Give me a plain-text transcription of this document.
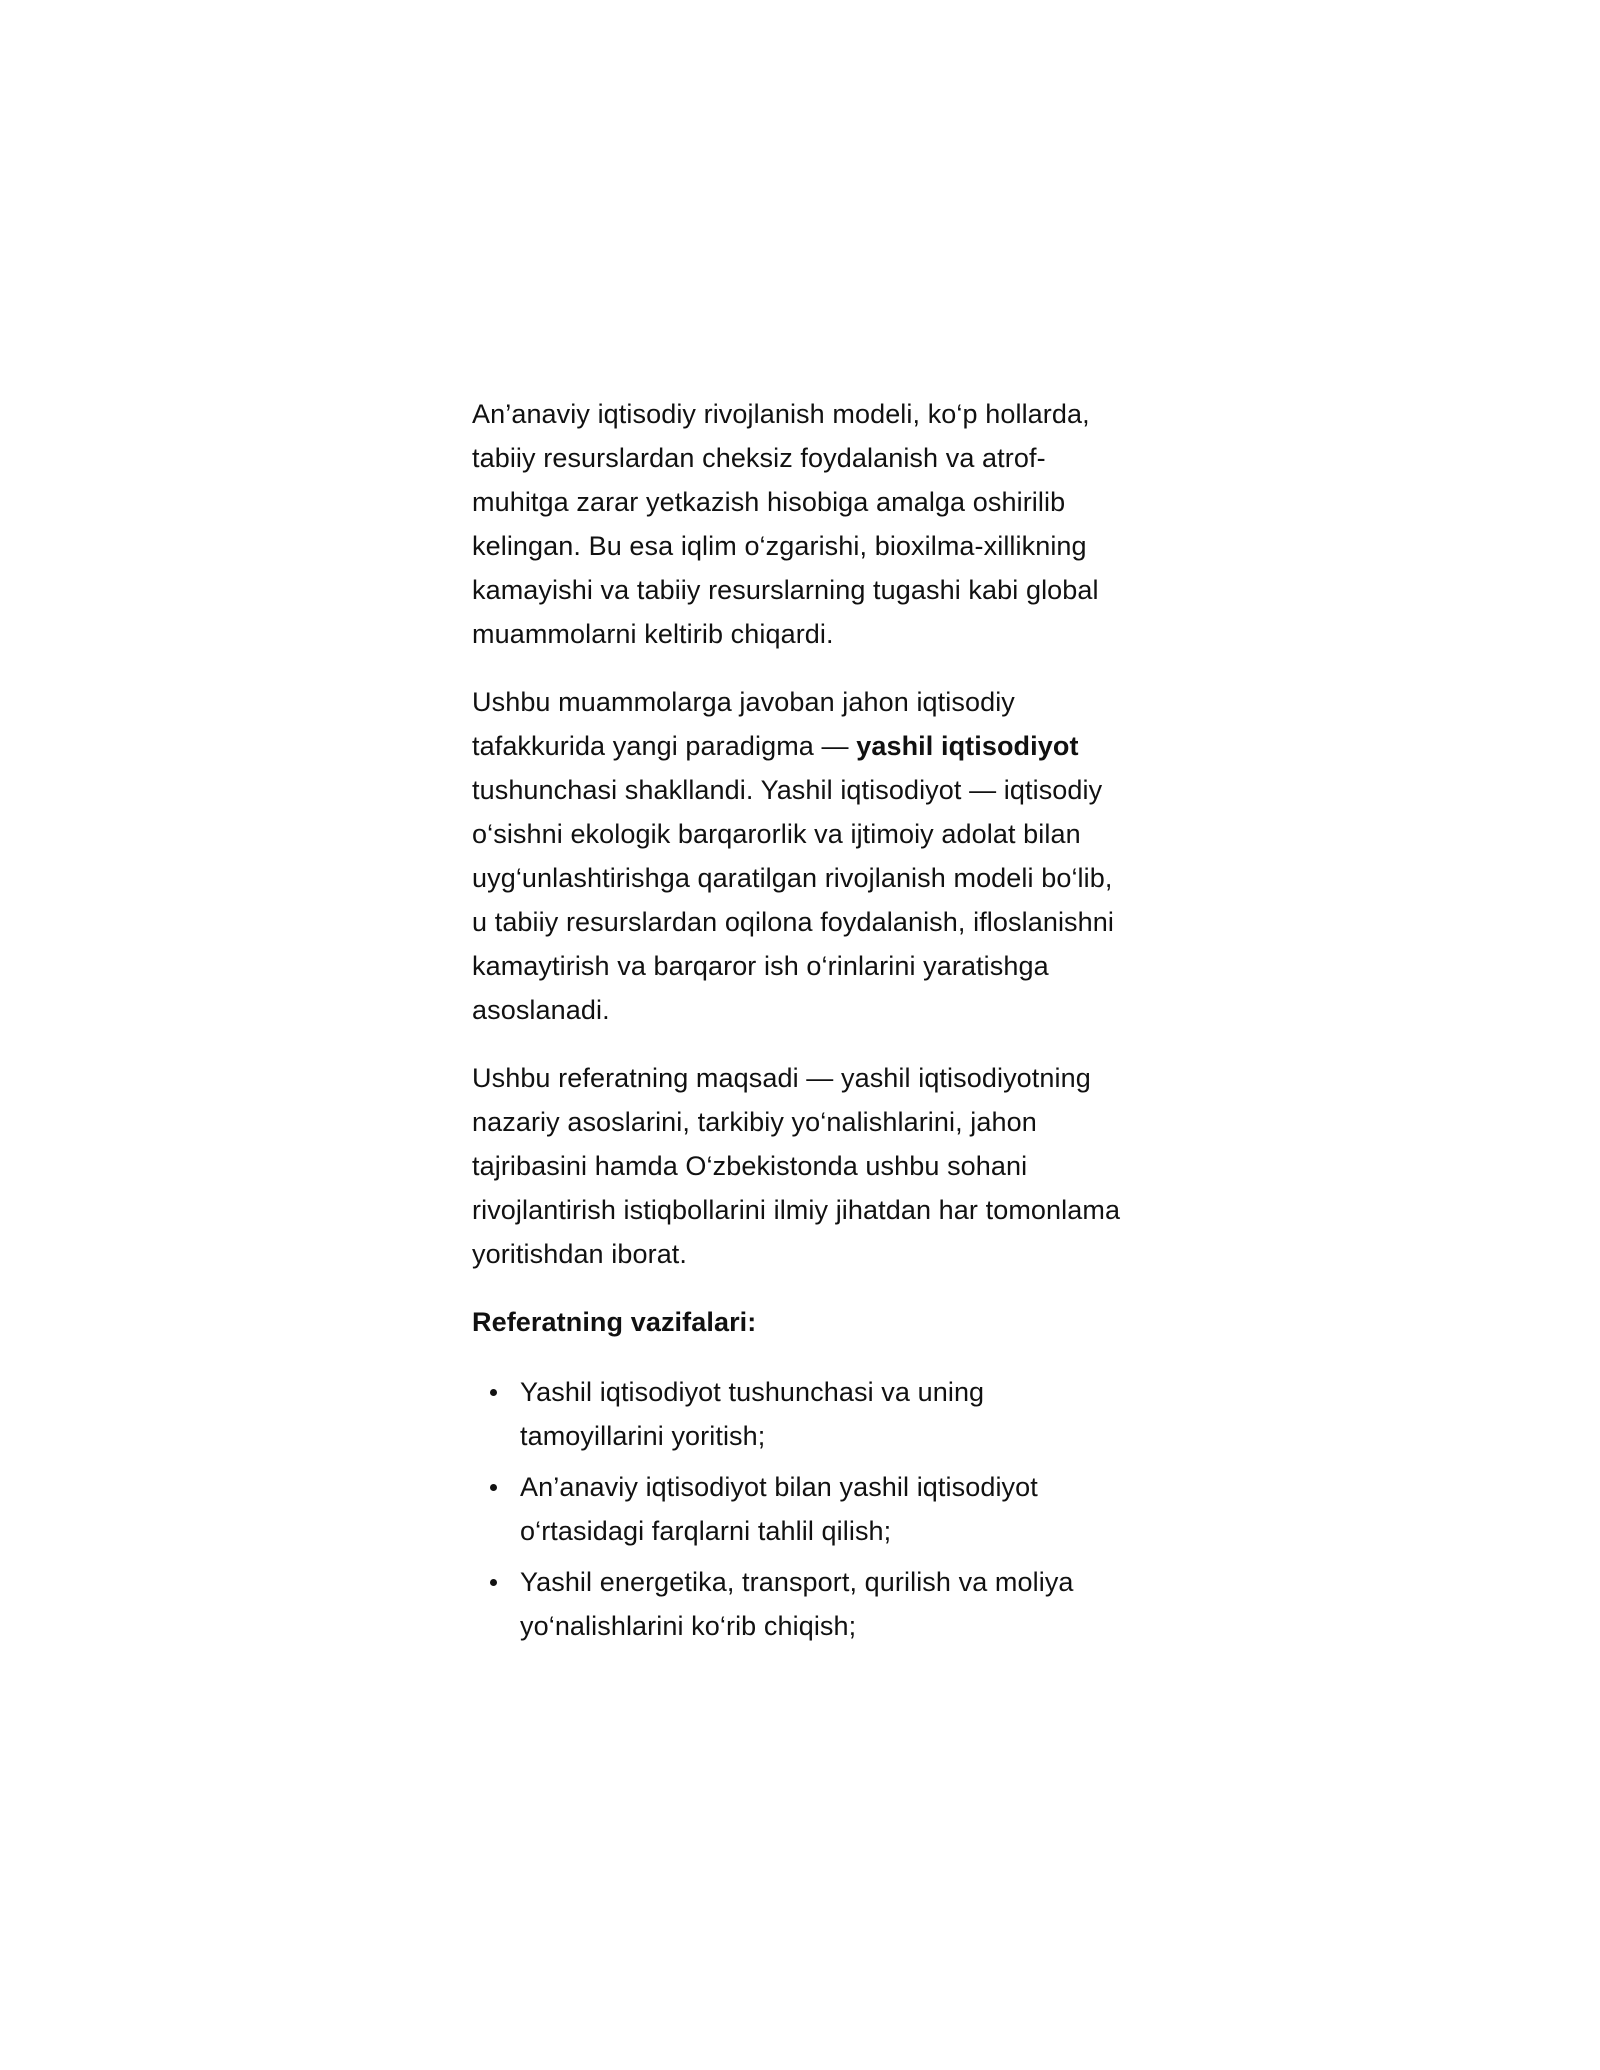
An’anaviy iqtisodiy rivojlanish modeli, ko‘p hollarda, tabiiy resurslardan cheksiz foydalanish va atrof-muhitga zarar yetkazish hisobiga amalga oshirilib kelingan. Bu esa iqlim o‘zgarishi, bioxilma-xillikning kamayishi va tabiiy resurslarning tugashi kabi global muammolarni keltirib chiqardi.

Ushbu muammolarga javoban jahon iqtisodiy tafakkurida yangi paradigma — yashil iqtisodiyot tushunchasi shakllandi. Yashil iqtisodiyot — iqtisodiy o‘sishni ekologik barqarorlik va ijtimoiy adolat bilan uyg‘unlashtirishga qaratilgan rivojlanish modeli bo‘lib, u tabiiy resurslardan oqilona foydalanish, ifloslanishni kamaytirish va barqaror ish o‘rinlarini yaratishga asoslanadi.

Ushbu referatning maqsadi — yashil iqtisodiyotning nazariy asoslarini, tarkibiy yo‘nalishlarini, jahon tajribasini hamda O‘zbekistonda ushbu sohani rivojlantirish istiqbollarini ilmiy jihatdan har tomonlama yoritishdan iborat.

Referatning vazifalari:

Yashil iqtisodiyot tushunchasi va uning tamoyillarini yoritish;
An’anaviy iqtisodiyot bilan yashil iqtisodiyot o‘rtasidagi farqlarni tahlil qilish;
Yashil energetika, transport, qurilish va moliya yo‘nalishlarini ko‘rib chiqish;
